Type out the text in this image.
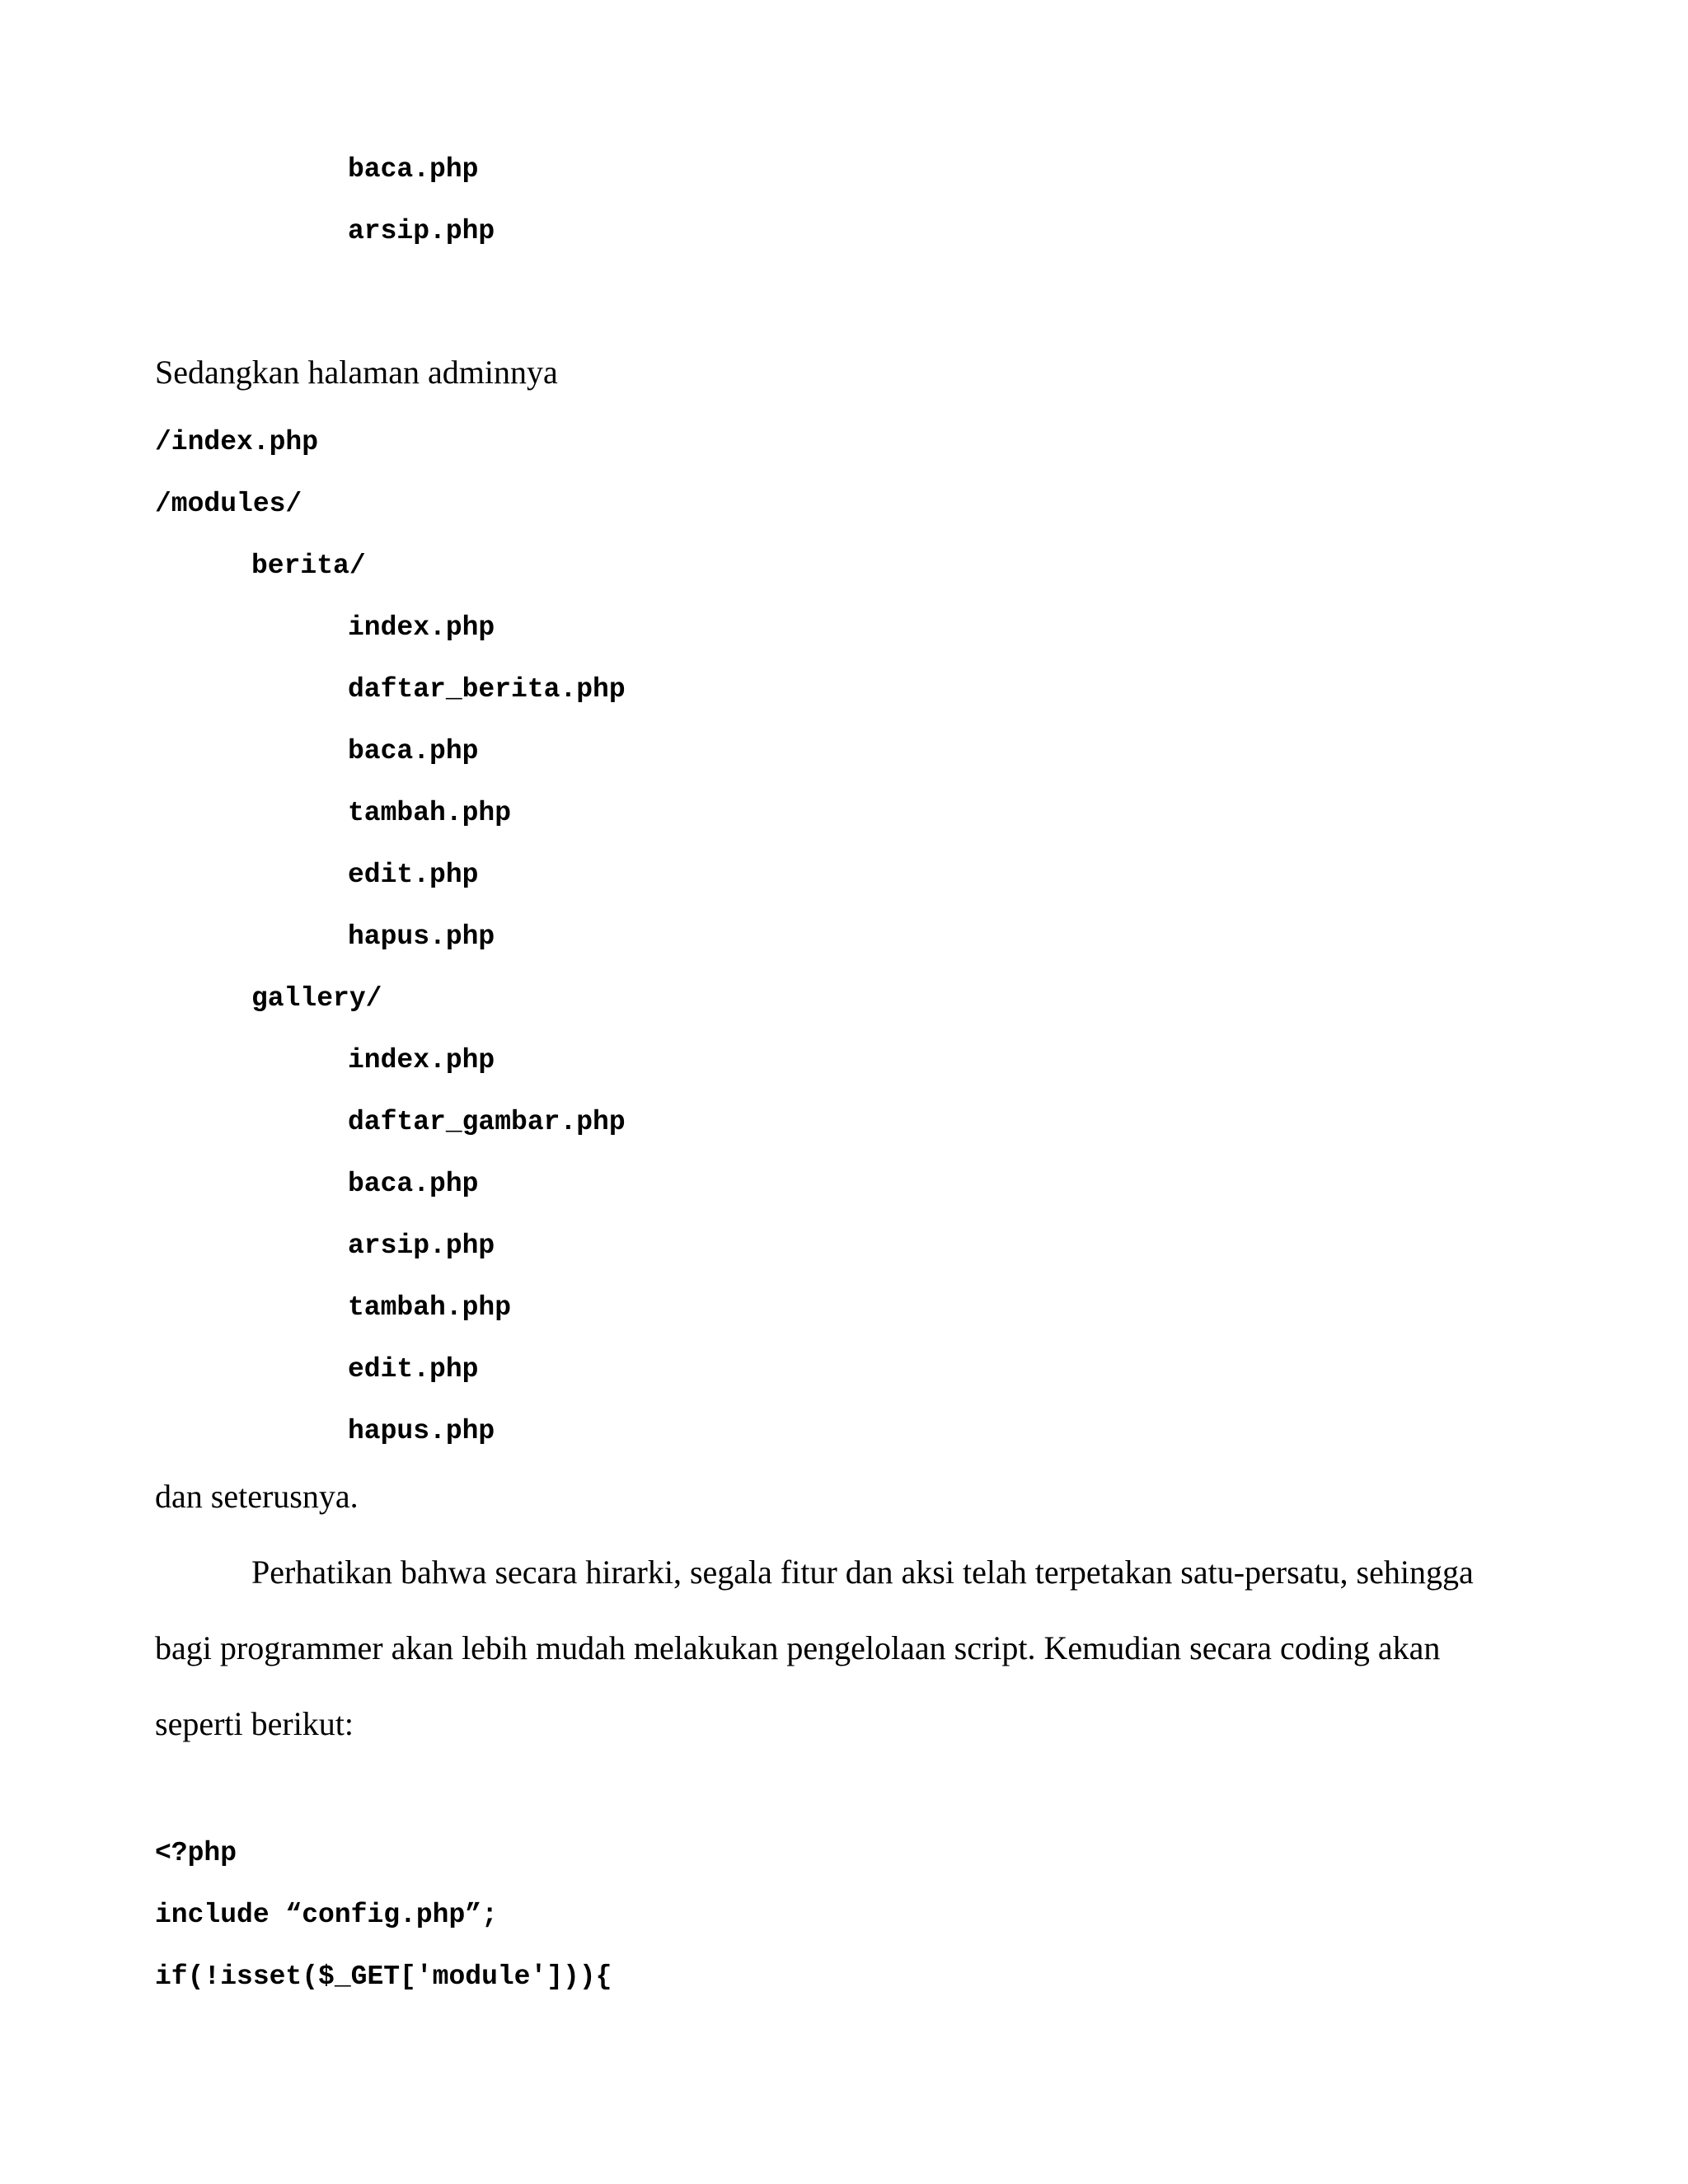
baca.php
arsip.php
Sedangkan halaman adminnya
/index.php
/modules/
berita/
index.php
daftar_berita.php
baca.php
tambah.php
edit.php
hapus.php
gallery/
index.php
daftar_gambar.php
baca.php
arsip.php
tambah.php
edit.php
hapus.php
dan seterusnya.
Perhatikan bahwa secara hirarki, segala fitur dan aksi telah terpetakan satu-persatu, sehingga
bagi programmer akan lebih mudah melakukan pengelolaan script. Kemudian secara coding akan
seperti berikut:
<?php
include “config.php”;
if(!isset($_GET['module'])){
